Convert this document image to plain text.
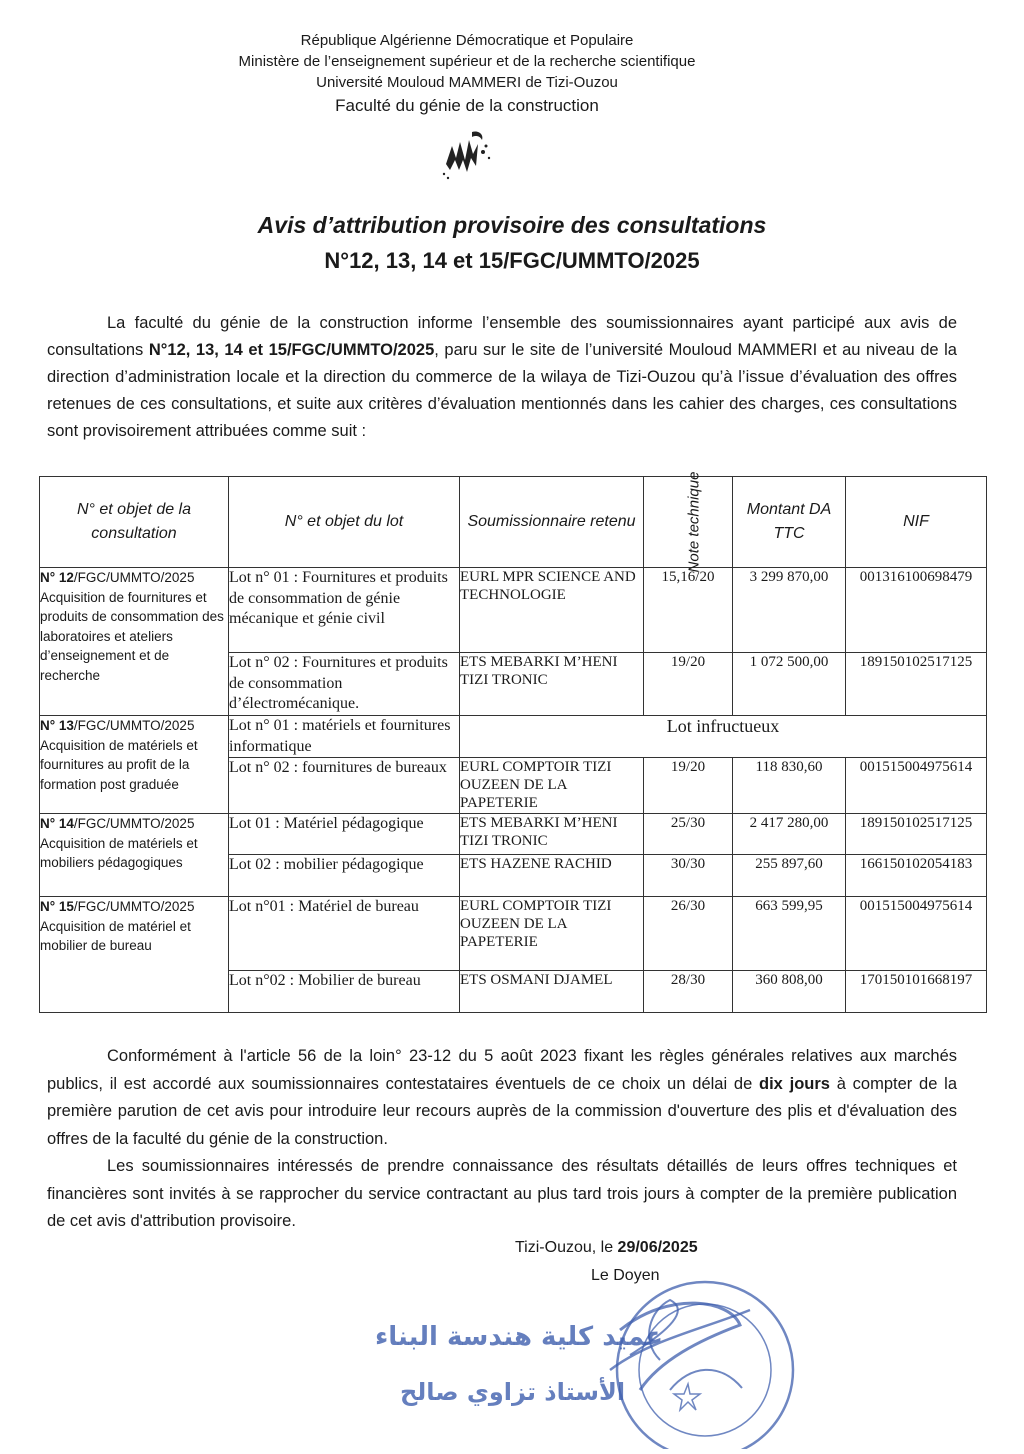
République Algérienne Démocratique et Populaire
Ministère de l’enseignement supérieur et de la recherche scientifique
Université Mouloud MAMMERI de Tizi-Ouzou
Faculté du génie de la construction
Avis d’attribution provisoire des consultations
N°12, 13, 14 et 15/FGC/UMMTO/2025
La faculté du génie de la construction informe l’ensemble des soumissionnaires ayant participé aux avis de consultations N°12, 13, 14 et 15/FGC/UMMTO/2025, paru sur le site de l’université Mouloud MAMMERI et au niveau de la direction d’administration locale et la direction du commerce de la wilaya de Tizi-Ouzou qu’à l’issue d’évaluation des offres retenues de ces consultations, et suite aux critères d’évaluation mentionnés dans les cahier des charges, ces consultations sont provisoirement attribuées comme suit :
N° et objet de la consultation	N° et objet du lot	Soumissionnaire retenu	Note technique	Montant DA TTC	NIF
N° 12/FGC/UMMTO/2025
Acquisition de fournitures et produits de consommation des laboratoires et ateliers d’enseignement et de recherche	Lot n° 01 : Fournitures et produits de consommation de génie mécanique et génie civil	EURL MPR SCIENCE AND TECHNOLOGIE	15,16/20	3 299 870,00	001316100698479
	Lot n° 02 : Fournitures et produits de consommation d’électromécanique.	ETS MEBARKI M’HENI TIZI TRONIC	19/20	1 072 500,00	189150102517125
N° 13/FGC/UMMTO/2025
Acquisition de matériels et fournitures au profit de la formation post graduée	Lot n° 01 : matériels et fournitures informatique	Lot infructueux			
	Lot n° 02 : fournitures de bureaux	EURL COMPTOIR TIZI OUZEEN DE LA PAPETERIE	19/20	118 830,60	001515004975614
N° 14/FGC/UMMTO/2025
Acquisition de matériels et mobiliers pédagogiques	Lot 01 : Matériel pédagogique	ETS MEBARKI M’HENI TIZI TRONIC	25/30	2 417 280,00	189150102517125
	Lot 02 : mobilier pédagogique	ETS HAZENE RACHID	30/30	255 897,60	166150102054183
N° 15/FGC/UMMTO/2025
Acquisition de matériel et mobilier de bureau	Lot n°01 : Matériel de bureau	EURL COMPTOIR TIZI OUZEEN DE LA PAPETERIE	26/30	663 599,95	001515004975614
	Lot n°02 : Mobilier de bureau	ETS OSMANI DJAMEL	28/30	360 808,00	170150101668197

Conformément à l'article 56 de la loin° 23-12 du 5 août 2023 fixant les règles générales relatives aux marchés publics, il est accordé aux soumissionnaires contestataires éventuels de ce choix un délai de dix jours à compter de la première parution de cet avis pour introduire leur recours auprès de la commission d'ouverture des plis et d'évaluation des offres de la faculté du génie de la construction.

Les soumissionnaires intéressés de prendre connaissance des résultats détaillés de leurs offres techniques et financières sont invités à se rapprocher du service contractant au plus tard trois jours à compter de la première publication de cet avis d'attribution provisoire.

Tizi-Ouzou, le 29/06/2025
Le Doyen
عميد كلية هندسة البناء
الأستاذ تزاوي صالح
